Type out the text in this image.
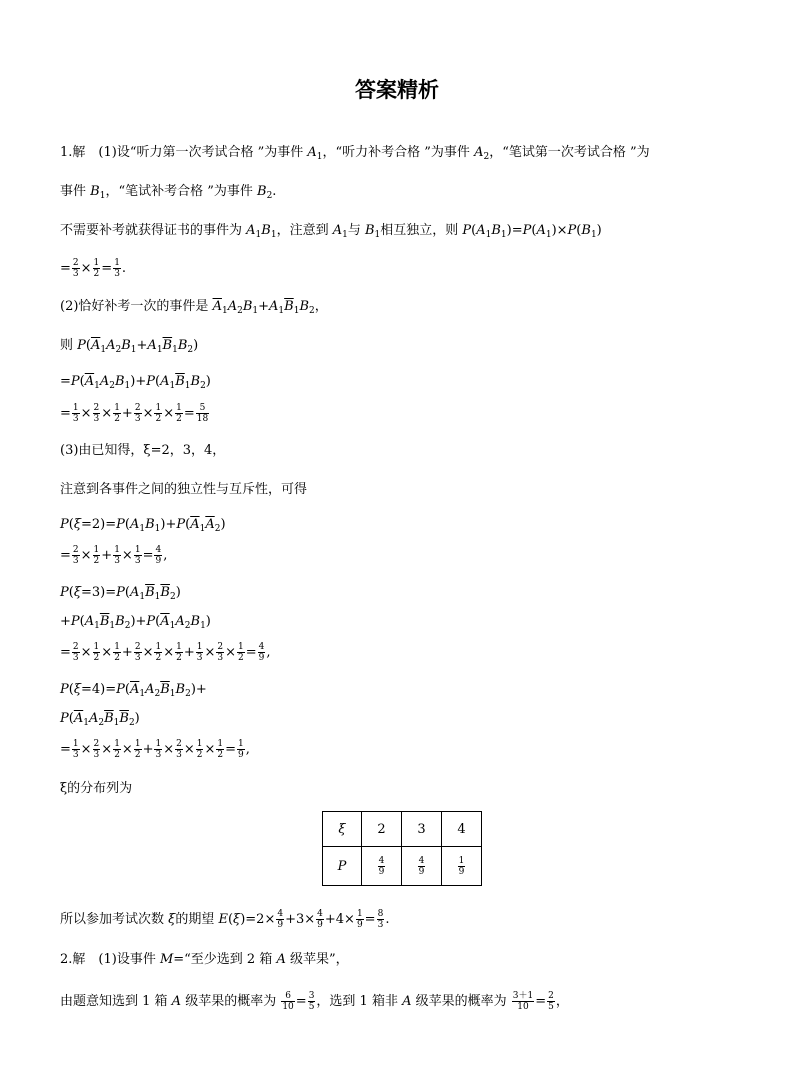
答案精析
1.解　(1)设“听力第一次考试合格 ”为事件 $A_1$，“听力补考合格 ”为事件 $A_2$，“笔试第一次考试合格 ”为
事件 $B_1$，“笔试补考合格 ”为事件 $B_2$.
不需要补考就获得证书的事件为 $A_1B_1$，注意到 $A_1$与 $B_1$相互独立，则 $P(A_1B_1)=P(A_1)\times P(B_1)$
= $\frac{2}{3} \times \frac{1}{2} = \frac{1}{3}$ .
(2)恰好补考一次的事件是 $\overline{A}_1A_2B_1+A_1\overline{B}_1B_2$，
则 $P(\overline{A}_1A_2B_1+A_1\overline{B}_1B_2)$
$=P(\overline{A}_1A_2B_1)+P(A_1\overline{B}_1B_2)$
= $\frac{1}{3} \times \frac{2}{3} \times \frac{1}{2} + \frac{2}{3} \times \frac{1}{2} \times \frac{1}{2} = \frac{5}{18}$
(3)由已知得，ξ=2，3，4，
注意到各事件之间的独立性与互斥性，可得
$P(\xi=2)=P(A_1B_1)+P(\overline{A}_1\overline{A}_2)$
= $\frac{2}{3} \times \frac{1}{2} + \frac{1}{3} \times \frac{1}{3} = \frac{4}{9}$ ,
$P(\xi=3)=P(A_1\overline{B}_1\overline{B}_2)$
$+P(A_1\overline{B}_1B_2)+P(\overline{A}_1A_2B_1)$
= $\frac{2}{3} \times \frac{1}{2} \times \frac{1}{2} + \frac{2}{3} \times \frac{1}{2} \times \frac{1}{2} + \frac{1}{3} \times \frac{2}{3} \times \frac{1}{2} = \frac{4}{9}$ ,
$P(\xi=4)=P(\overline{A}_1A_2\overline{B}_1B_2)+$
$P(\overline{A}_1A_2\overline{B}_1\overline{B}_2)$
= $\frac{1}{3} \times \frac{2}{3} \times \frac{1}{2} \times \frac{1}{2} + \frac{1}{3} \times \frac{2}{3} \times \frac{1}{2} \times \frac{1}{2} = \frac{1}{9}$ ,
ξ的分布列为
ξ	2	3	4
P	$\frac{4}{9}$	$\frac{4}{9}$	$\frac{1}{9}$
所以参加考试次数 ξ的期望 $E(\xi)=2\times \frac{4}{9} +3\times \frac{4}{9} +4\times \frac{1}{9} = \frac{8}{3}$ .
2.解　(1)设事件 M=“至少选到 2 箱 A 级苹果”，
由题意知选到 1 箱 A 级苹果的概率为 $\frac{6}{10} = \frac{3}{5}$ ，选到 1 箱非 A 级苹果的概率为 $\frac{3+1}{10} = \frac{2}{5}$ ，
